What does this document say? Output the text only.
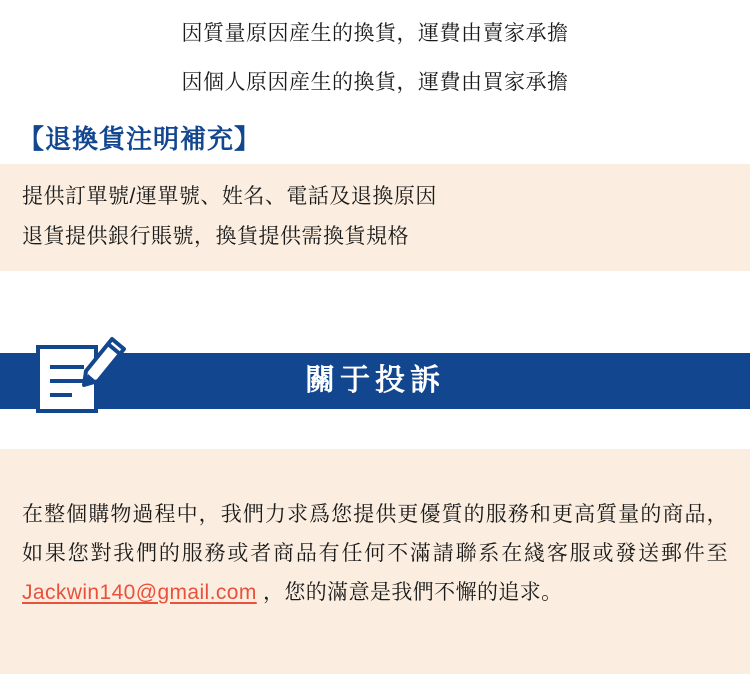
因質量原因産生的換貨，運費由賣家承擔

因個人原因産生的換貨，運費由買家承擔

【退換貨注明補充】

提供訂單號/運單號、姓名、電話及退換原因

退貨提供銀行賬號，換貨提供需換貨規格

關于投訴

在整個購物過程中，我們力求爲您提供更優質的服務和更高質量的商品，如果您對我們的服務或者商品有任何不滿請聯系在綫客服或發送郵件至 Jackwin140@gmail.com ，您的滿意是我們不懈的追求。
